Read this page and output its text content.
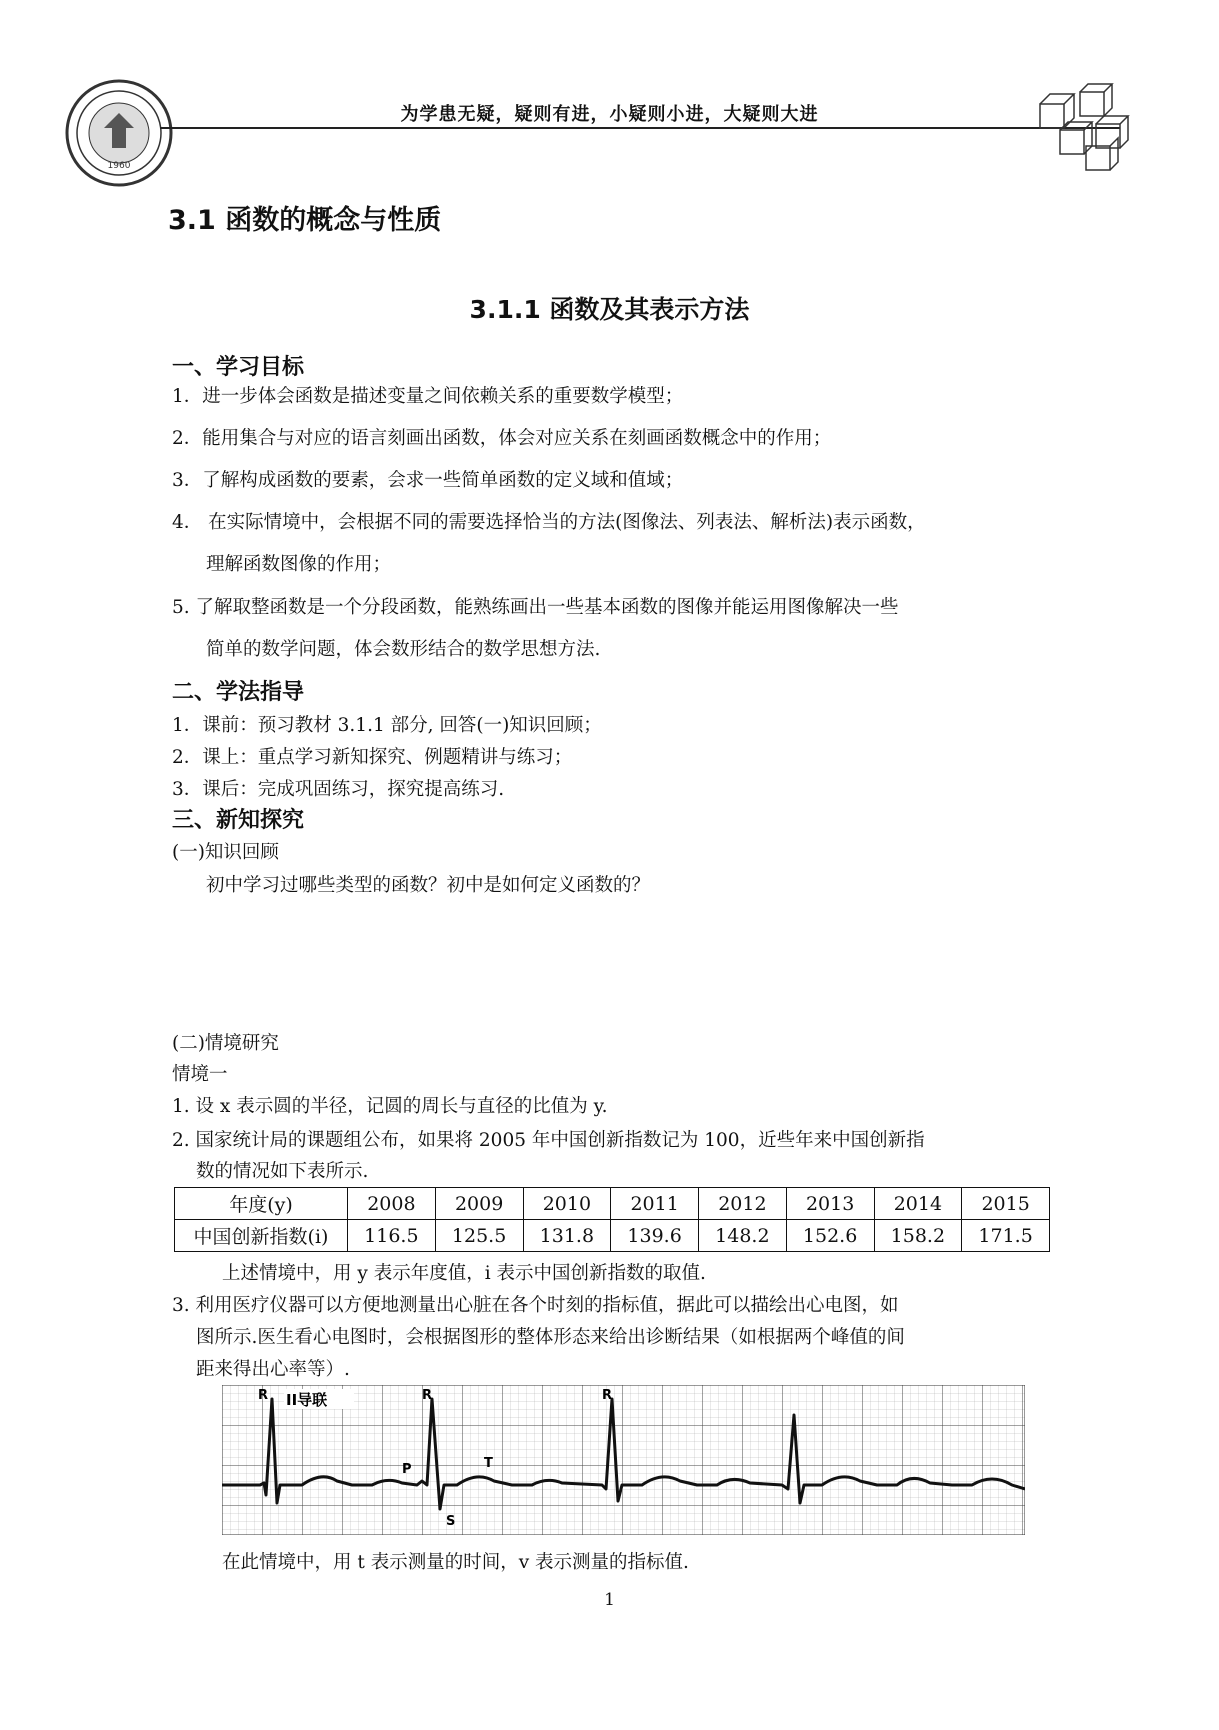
1960
为学患无疑，疑则有进，小疑则小进，大疑则大进
3.1 函数的概念与性质
3.1.1 函数及其表示方法
一、学习目标
1．进一步体会函数是描述变量之间依赖关系的重要数学模型；
2．能用集合与对应的语言刻画出函数，体会对应关系在刻画函数概念中的作用；
3．了解构成函数的要素，会求一些简单函数的定义域和值域；
4． 在实际情境中，会根据不同的需要选择恰当的方法(图像法、列表法、解析法)表示函数，
理解函数图像的作用；
5. 了解取整函数是一个分段函数，能熟练画出一些基本函数的图像并能运用图像解决一些
简单的数学问题，体会数形结合的数学思想方法.
二、学法指导
1．课前：预习教材 3.1.1 部分, 回答(一)知识回顾；
2．课上：重点学习新知探究、例题精讲与练习；
3．课后：完成巩固练习，探究提高练习.
三、新知探究
(一)知识回顾
初中学习过哪些类型的函数？初中是如何定义函数的？
(二)情境研究
情境一
1. 设 x 表示圆的半径，记圆的周长与直径的比值为 y.
2. 国家统计局的课题组公布，如果将 2005 年中国创新指数记为 100，近些年来中国创新指
数的情况如下表所示.
年度(y)	2008	2009	2010	2011	2012	2013	2014	2015
中国创新指数(i)	116.5	125.5	131.8	139.6	148.2	152.6	158.2	171.5
上述情境中，用 y 表示年度值，i 表示中国创新指数的取值.
3. 利用医疗仪器可以方便地测量出心脏在各个时刻的指标值，据此可以描绘出心电图，如
图所示.医生看心电图时，会根据图形的整体形态来给出诊断结果（如根据两个峰值的间
距来得出心率等）.
II导联
R	R	R
P	T
S
在此情境中，用 t 表示测量的时间，v 表示测量的指标值.
1
